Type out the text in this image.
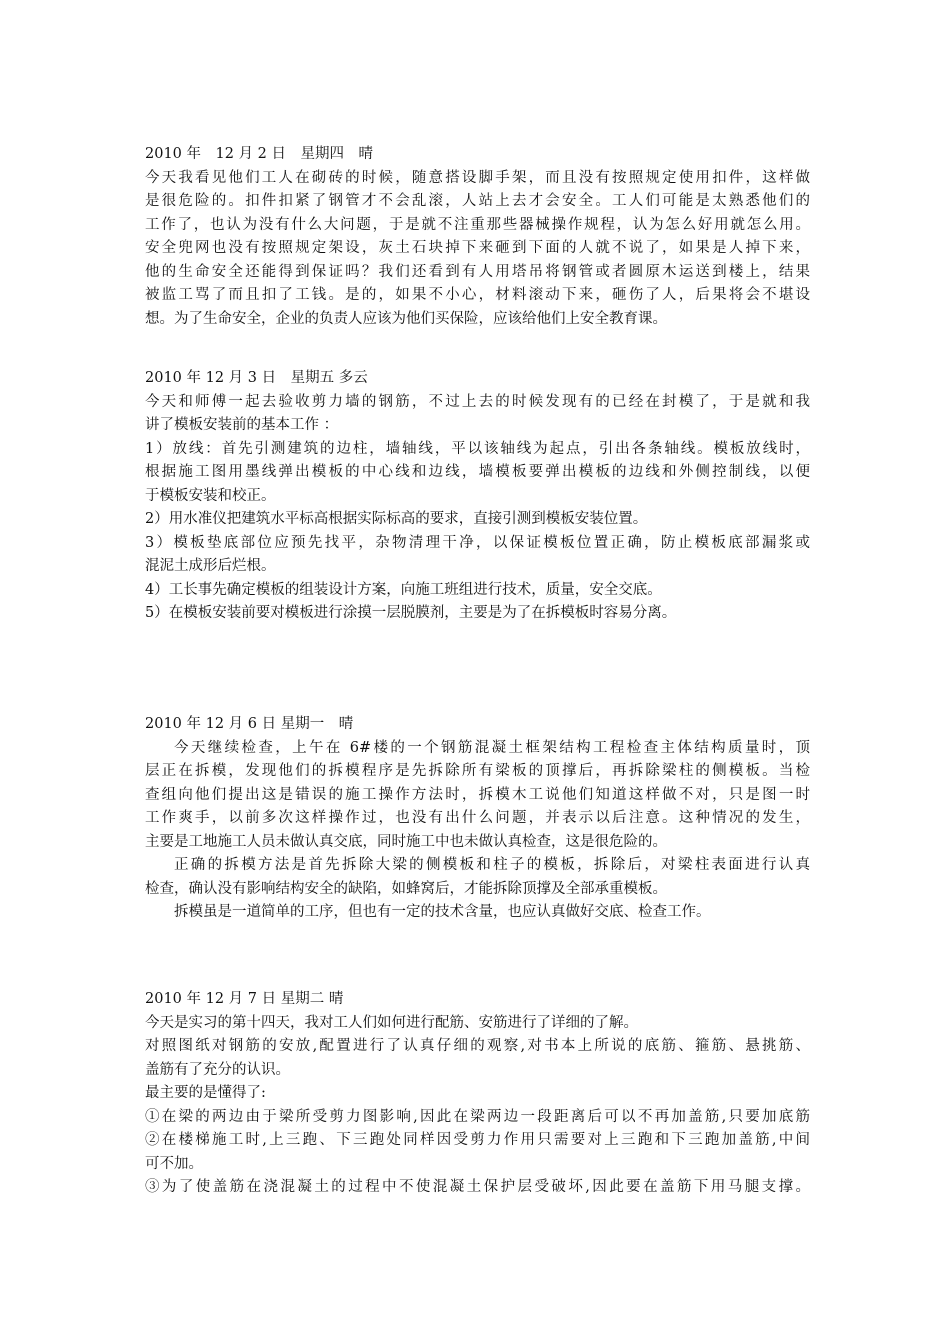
2010 年　12 月 2 日　星期四　晴
今天我看见他们工人在砌砖的时候，随意搭设脚手架，而且没有按照规定使用扣件，这样做
是很危险的。扣件扣紧了钢管才不会乱滚，人站上去才会安全。工人们可能是太熟悉他们的
工作了，也认为没有什么大问题，于是就不注重那些器械操作规程，认为怎么好用就怎么用。
安全兜网也没有按照规定架设，灰土石块掉下来砸到下面的人就不说了，如果是人掉下来，
他的生命安全还能得到保证吗？我们还看到有人用塔吊将钢管或者圆原木运送到楼上，结果
被监工骂了而且扣了工钱。是的，如果不小心，材料滚动下来，砸伤了人，后果将会不堪设
想。为了生命安全，企业的负责人应该为他们买保险，应该给他们上安全教育课。
2010 年 12 月 3 日　星期五 多云
今天和师傅一起去验收剪力墙的钢筋，不过上去的时候发现有的已经在封模了，于是就和我
讲了模板安装前的基本工作 ：
1）放线：首先引测建筑的边柱，墙轴线，平以该轴线为起点，引出各条轴线。模板放线时，
根据施工图用墨线弹出模板的中心线和边线，墙模板要弹出模板的边线和外侧控制线，以便
于模板安装和校正。
2）用水准仪把建筑水平标高根据实际标高的要求，直接引测到模板安装位置。
3）模板垫底部位应预先找平，杂物清理干净，以保证模板位置正确，防止模板底部漏浆或
混泥土成形后烂根。
4）工长事先确定模板的组装设计方案，向施工班组进行技术，质量，安全交底。
5）在模板安装前要对模板进行涂摸一层脱膜剂，主要是为了在拆模板时容易分离。
2010 年 12 月 6 日 星期一　晴
今天继续检查，上午在 6#楼的一个钢筋混凝土框架结构工程检查主体结构质量时，顶
层正在拆模，发现他们的拆模程序是先拆除所有梁板的顶撑后，再拆除梁柱的侧模板。当检
查组向他们提出这是错误的施工操作方法时，拆模木工说他们知道这样做不对，只是图一时
工作爽手，以前多次这样操作过，也没有出什么问题，并表示以后注意。这种情况的发生，
主要是工地施工人员未做认真交底，同时施工中也未做认真检查，这是很危险的。
正确的拆模方法是首先拆除大梁的侧模板和柱子的模板，拆除后，对梁柱表面进行认真
检查，确认没有影响结构安全的缺陷，如蜂窝后，才能拆除顶撑及全部承重模板。
拆模虽是一道简单的工序，但也有一定的技术含量，也应认真做好交底、检查工作。
2010 年 12 月 7 日 星期二 晴
今天是实习的第十四天，我对工人们如何进行配筋、安筋进行了详细的了解。
对照图纸对钢筋的安放,配置进行了认真仔细的观察,对书本上所说的底筋、箍筋、悬挑筋、
盖筋有了充分的认识。
最主要的是懂得了:
①在梁的两边由于梁所受剪力图影响,因此在梁两边一段距离后可以不再加盖筋,只要加底筋
②在楼梯施工时,上三跑、下三跑处同样因受剪力作用只需要对上三跑和下三跑加盖筋,中间
可不加。
③为了使盖筋在浇混凝土的过程中不使混凝土保护层受破坏,因此要在盖筋下用马腿支撑。
